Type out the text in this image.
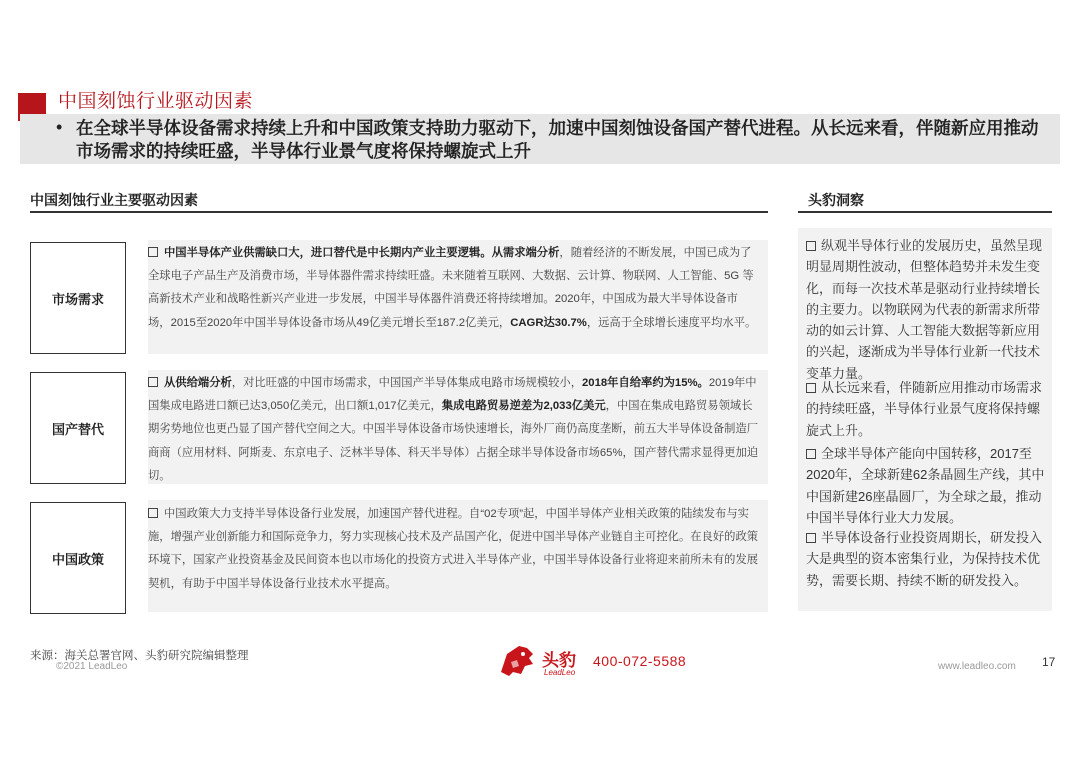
中国刻蚀行业驱动因素
• 在全球半导体设备需求持续上升和中国政策支持助力驱动下，加速中国刻蚀设备国产替代进程。从长远来看，伴随新应用推动市场需求的持续旺盛，半导体行业景气度将保持螺旋式上升
中国刻蚀行业主要驱动因素	头豹洞察
市场需求
中国半导体产业供需缺口大，进口替代是中长期内产业主要逻辑。从需求端分析，随着经济的不断发展，中国已成为了全球电子产品生产及消费市场，半导体器件需求持续旺盛。未来随着互联网、大数据、云计算、物联网、人工智能、5G 等高新技术产业和战略性新兴产业进一步发展，中国半导体器件消费还将持续增加。2020年，中国成为最大半导体设备市场，2015至2020年中国半导体设备市场从49亿美元增长至187.2亿美元，CAGR达30.7%，远高于全球增长速度平均水平。
国产替代
从供给端分析，对比旺盛的中国市场需求，中国国产半导体集成电路市场规模较小，2018年自给率约为15%。2019年中国集成电路进口额已达3,050亿美元，出口额1,017亿美元，集成电路贸易逆差为2,033亿美元，中国在集成电路贸易领域长期劣势地位也更凸显了国产替代空间之大。中国半导体设备市场快速增长，海外厂商仍高度垄断，前五大半导体设备制造厂商商（应用材料、阿斯麦、东京电子、泛林半导体、科天半导体）占据全球半导体设备市场65%，国产替代需求显得更加迫切。
中国政策
中国政策大力支持半导体设备行业发展，加速国产替代进程。自“02专项”起，中国半导体产业相关政策的陆续发布与实施，增强产业创新能力和国际竞争力，努力实现核心技术及产品国产化，促进中国半导体产业链自主可控化。在良好的政策环境下，国家产业投资基金及民间资本也以市场化的投资方式进入半导体产业，中国半导体设备行业将迎来前所未有的发展契机，有助于中国半导体设备行业技术水平提高。
纵观半导体行业的发展历史，虽然呈现明显周期性波动，但整体趋势并未发生变化，而每一次技术革是驱动行业持续增长的主要力。以物联网为代表的新需求所带动的如云计算、人工智能大数据等新应用的兴起，逐渐成为半导体行业新一代技术变革力量。
从长远来看，伴随新应用推动市场需求的持续旺盛，半导体行业景气度将保持螺旋式上升。
全球半导体产能向中国转移，2017至2020年，全球新建62条晶圆生产线，其中中国新建26座晶圆厂，为全球之最，推动中国半导体行业大力发展。
半导体设备行业投资周期长，研发投入大是典型的资本密集行业，为保持技术优势，需要长期、持续不断的研发投入。
来源：海关总署官网、头豹研究院编辑整理
©2021 LeadLeo	头豹
LeadLeo
400-072-5588	www.leadleo.com 17
